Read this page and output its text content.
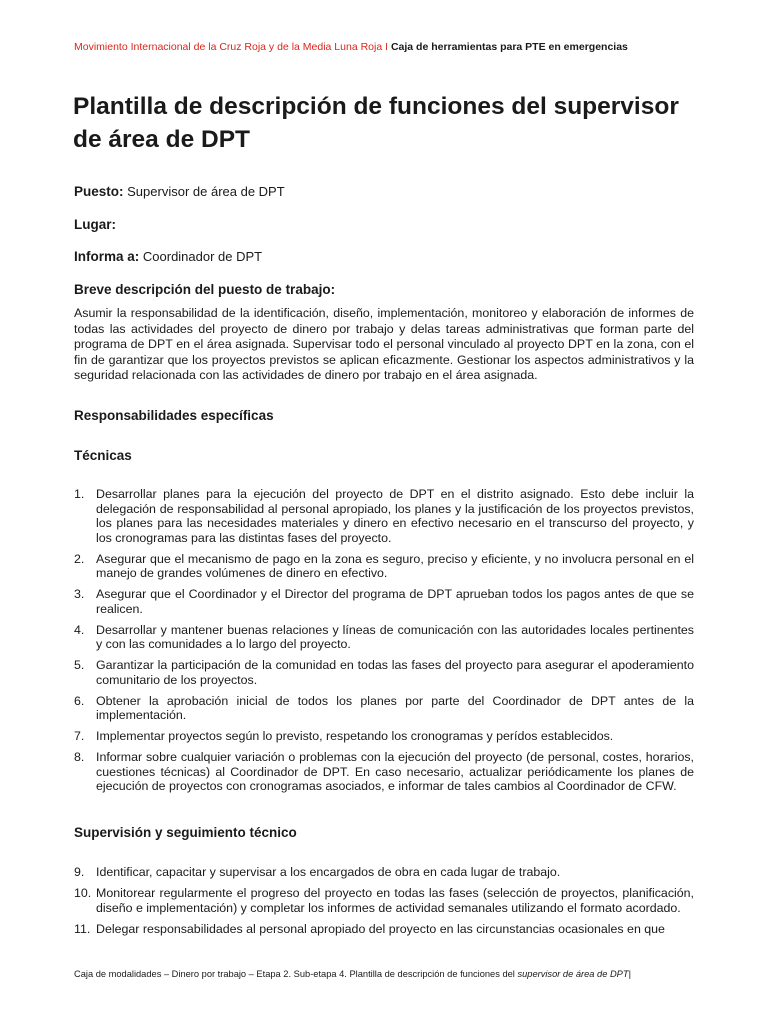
Movimiento Internacional de la Cruz Roja y de la Media Luna Roja I Caja de herramientas para PTE en emergencias
Plantilla de descripción de funciones del supervisor de área de DPT
Puesto: Supervisor de área de DPT
Lugar:
Informa a: Coordinador de DPT
Breve descripción del puesto de trabajo:

Asumir la responsabilidad de la identificación, diseño, implementación, monitoreo y elaboración de informes de todas las actividades del proyecto de dinero por trabajo y delas tareas administrativas que forman parte del programa de DPT en el área asignada. Supervisar todo el personal vinculado al proyecto DPT en la zona, con el fin de garantizar que los proyectos previstos se aplican eficazmente. Gestionar los aspectos administrativos y la seguridad relacionada con las actividades de dinero por trabajo en el área asignada.

Responsabilidades específicas
Técnicas
1. Desarrollar planes para la ejecución del proyecto de DPT en el distrito asignado. Esto debe incluir la delegación de responsabilidad al personal apropiado, los planes y la justificación de los proyectos previstos, los planes para las necesidades materiales y dinero en efectivo necesario en el transcurso del proyecto, y los cronogramas para las distintas fases del proyecto.
2. Asegurar que el mecanismo de pago en la zona es seguro, preciso y eficiente, y no involucra personal en el manejo de grandes volúmenes de dinero en efectivo.
3. Asegurar que el Coordinador y el Director del programa de DPT aprueban todos los pagos antes de que se realicen.
4. Desarrollar y mantener buenas relaciones y líneas de comunicación con las autoridades locales pertinentes y con las comunidades a lo largo del proyecto.
5. Garantizar la participación de la comunidad en todas las fases del proyecto para asegurar el apoderamiento comunitario de los proyectos.
6. Obtener la aprobación inicial de todos los planes por parte del Coordinador de DPT antes de la implementación.
7. Implementar proyectos según lo previsto, respetando los cronogramas y perídos establecidos.
8. Informar sobre cualquier variación o problemas con la ejecución del proyecto (de personal, costes, horarios, cuestiones técnicas) al Coordinador de DPT. En caso necesario, actualizar periódicamente los planes de ejecución de proyectos con cronogramas asociados, e informar de tales cambios al Coordinador de CFW.
Supervisión y seguimiento técnico
9. Identificar, capacitar y supervisar a los encargados de obra en cada lugar de trabajo.
10. Monitorear regularmente el progreso del proyecto en todas las fases (selección de proyectos, planificación, diseño e implementación) y completar los informes de actividad semanales utilizando el formato acordado.
11. Delegar responsabilidades al personal apropiado del proyecto en las circunstancias ocasionales en que
Caja de modalidades – Dinero por trabajo – Etapa 2. Sub-etapa 4. Plantilla de descripción de funciones del supervisor de área de DPT|
